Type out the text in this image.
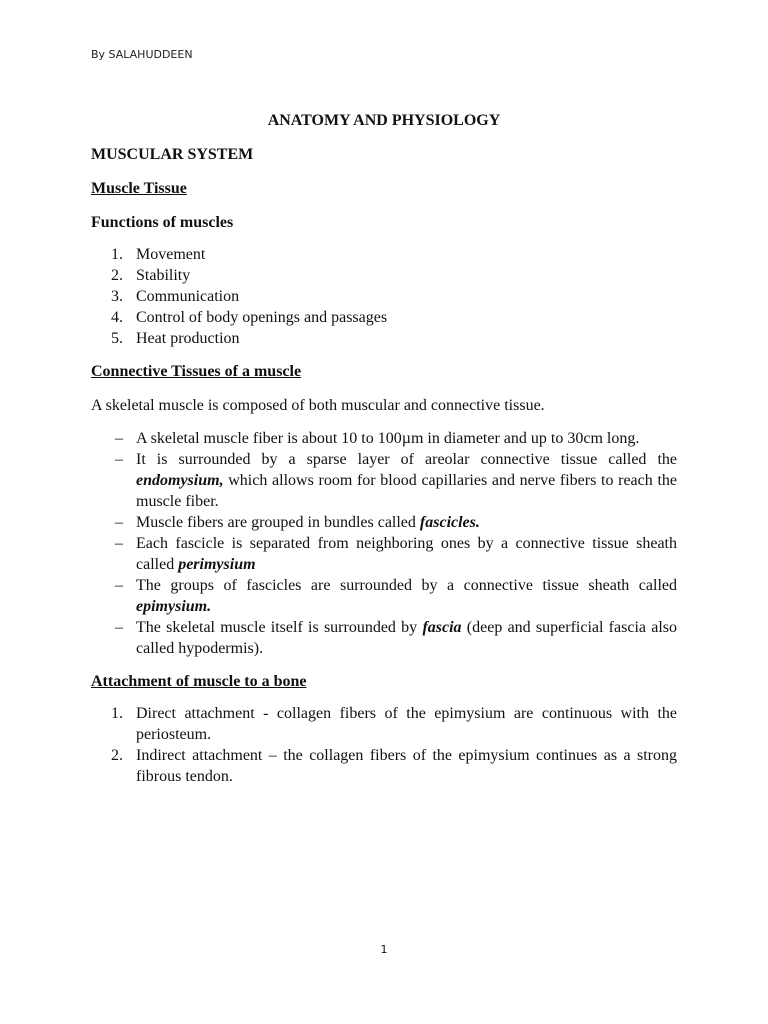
By SALAHUDDEEN
ANATOMY AND PHYSIOLOGY
MUSCULAR SYSTEM
Muscle Tissue
Functions of muscles
1. Movement
2. Stability
3. Communication
4. Control of body openings and passages
5. Heat production
Connective Tissues of a muscle

A skeletal muscle is composed of both muscular and connective tissue.

– A skeletal muscle fiber is about 10 to 100µm in diameter and up to 30cm long.
– It is surrounded by a sparse layer of areolar connective tissue called the endomysium, which allows room for blood capillaries and nerve fibers to reach the muscle fiber.
– Muscle fibers are grouped in bundles called fascicles.
– Each fascicle is separated from neighboring ones by a connective tissue sheath called perimysium
– The groups of fascicles are surrounded by a connective tissue sheath called epimysium.
– The skeletal muscle itself is surrounded by fascia (deep and superficial fascia also called hypodermis).
Attachment of muscle to a bone
1. Direct attachment - collagen fibers of the epimysium are continuous with the periosteum.
2. Indirect attachment – the collagen fibers of the epimysium continues as a strong fibrous tendon.
1
